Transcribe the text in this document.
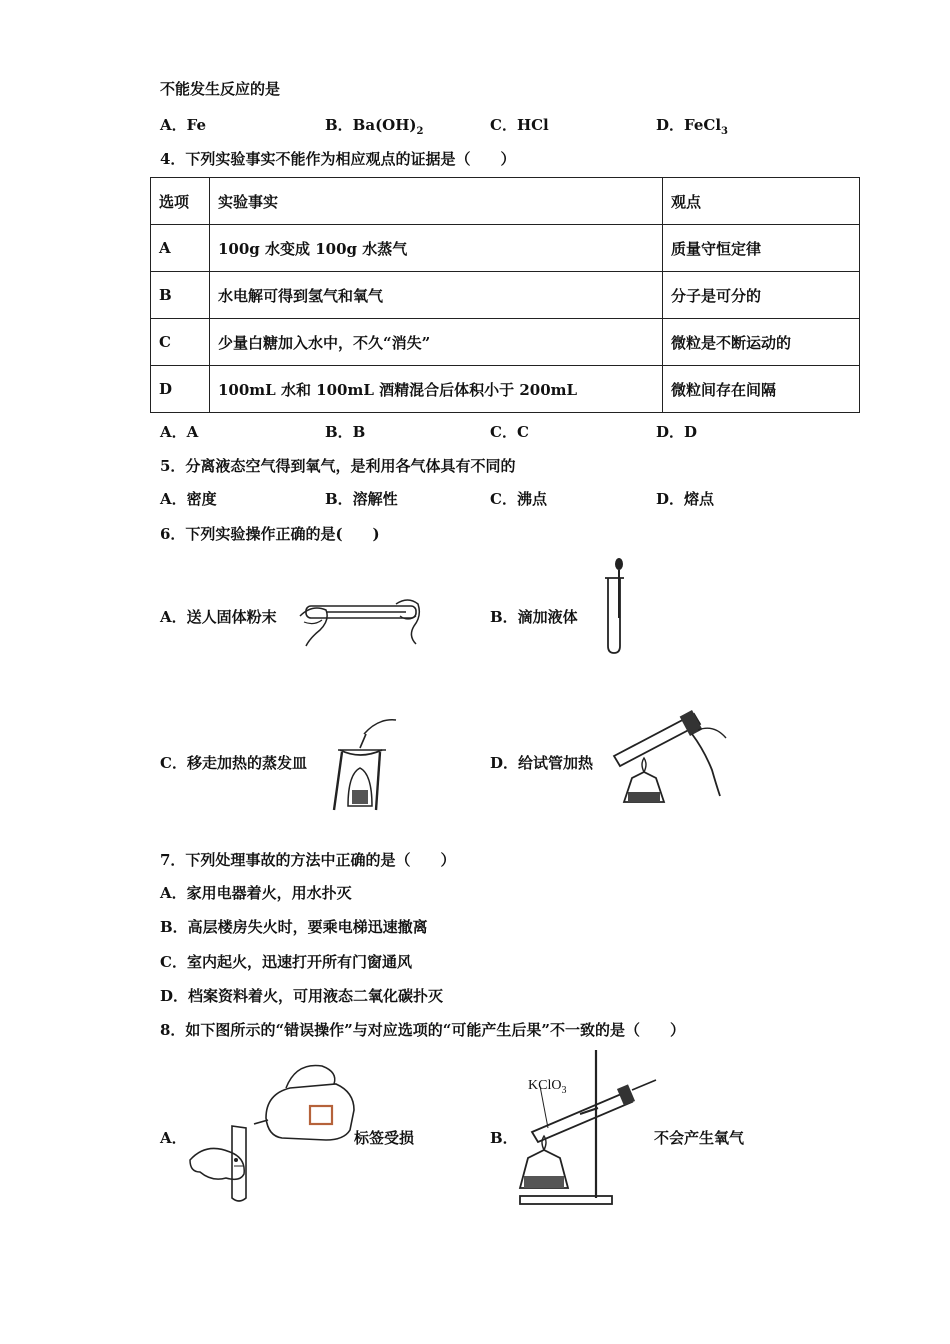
不能发生反应的是
A．Fe	B．$Ba(OH)_2$	C．HCl	D．FeCl$_3$
4．下列实验事实不能作为相应观点的证据是（　　）
选项	实验事实	观点
A	100g 水变成 100g 水蒸气	质量守恒定律
B	水电解可得到氢气和氧气	分子是可分的
C	少量白糖加入水中，不久“消失”	微粒是不断运动的
D	100mL 水和 100mL 酒精混合后体积小于 200mL	微粒间存在间隔
A．A	B．B	C．C	D．D
5．分离液态空气得到氧气，是利用各气体具有不同的
A．密度	B．溶解性	C．沸点	D．熔点
6．下列实验操作正确的是(　　)
A．送人固体粉末	B．滴加液体
C．移走加热的蒸发皿	D．给试管加热
7．下列处理事故的方法中正确的是（　　）
A．家用电器着火，用水扑灭
B．高层楼房失火时，要乘电梯迅速撤离
C．室内起火，迅速打开所有门窗通风
D．档案资料着火，可用液态二氧化碳扑灭
8．如下图所示的“错误操作”与对应选项的“可能产生后果”不一致的是（　　）
A．	标签受损	B．
KClO$_3$
不会产生氧气
